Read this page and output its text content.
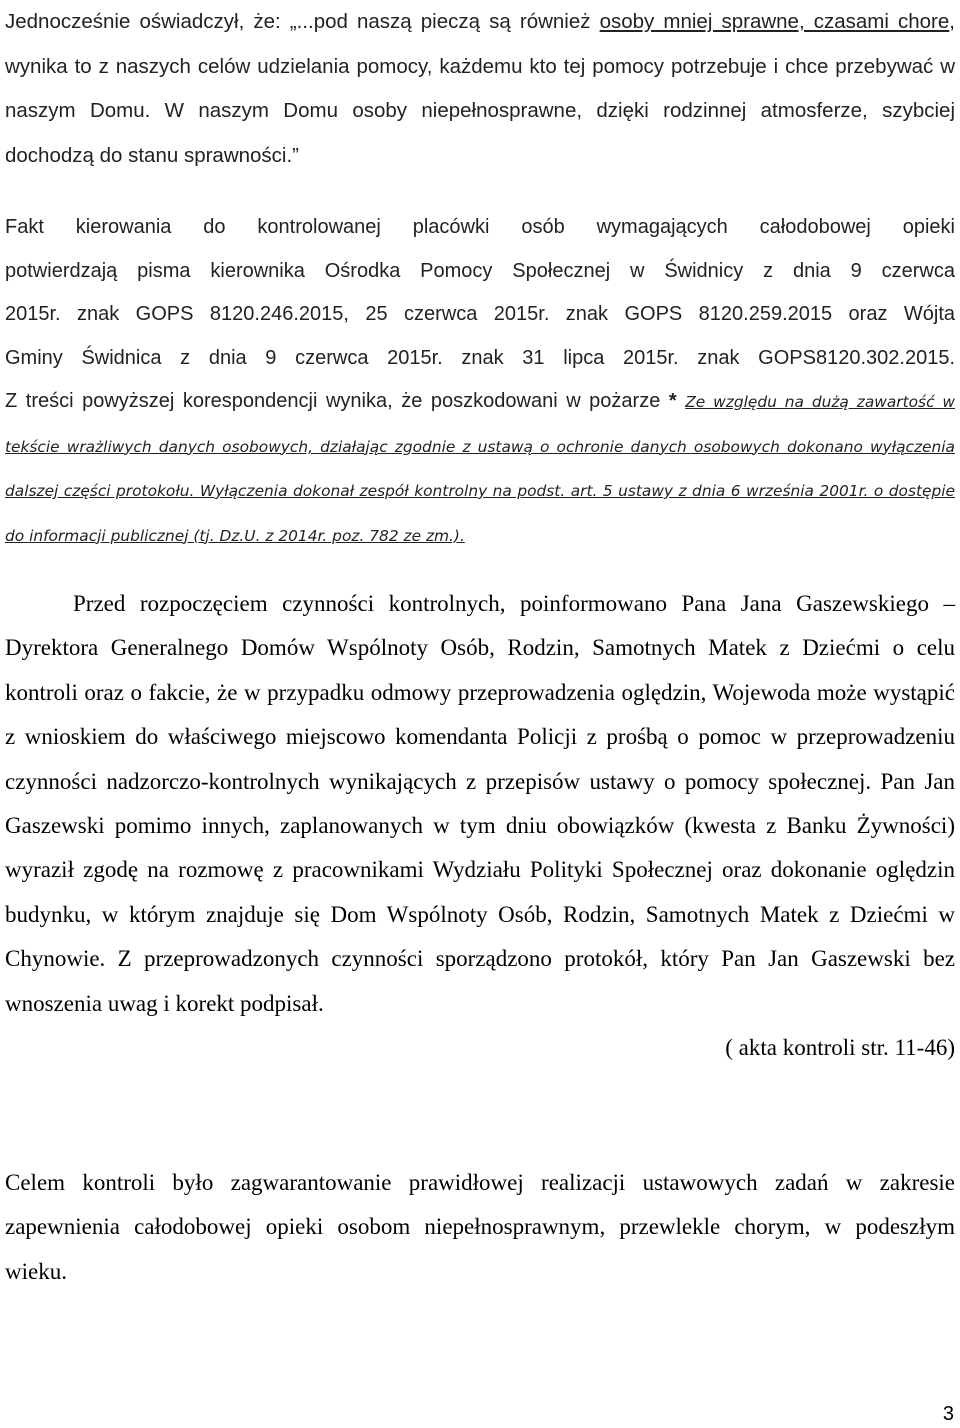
Jednocześnie oświadczył, że: „...pod naszą pieczą są również osoby mniej sprawne, czasami chore, wynika to z naszych celów udzielania pomocy, każdemu kto tej pomocy potrzebuje i chce przebywać w naszym Domu. W naszym Domu osoby niepełnosprawne, dzięki rodzinnej atmosferze, szybciej dochodzą do stanu sprawności.”
Fakt kierowania do kontrolowanej placówki osób wymagających całodobowej opieki
potwierdzają pisma kierownika Ośrodka Pomocy Społecznej w Świdnicy z dnia 9 czerwca
2015r. znak GOPS 8120.246.2015, 25 czerwca 2015r. znak GOPS 8120.259.2015 oraz Wójta
Gminy Świdnica z dnia 9 czerwca 2015r. znak 31 lipca 2015r. znak GOPS8120.302.2015.
Z treści powyższej korespondencji wynika, że poszkodowani w pożarze * Ze względu na dużą zawartość w tekście wrażliwych danych osobowych, działając zgodnie z ustawą o ochronie danych osobowych dokonano wyłączenia dalszej części protokołu. Wyłączenia dokonał zespół kontrolny na podst. art. 5 ustawy z dnia 6 września 2001r. o dostępie do informacji publicznej (tj. Dz.U. z 2014r. poz. 782 ze zm.).
Przed rozpoczęciem czynności kontrolnych, poinformowano Pana Jana Gaszewskiego – Dyrektora Generalnego Domów Wspólnoty Osób, Rodzin, Samotnych Matek z Dziećmi o celu kontroli oraz o fakcie, że w przypadku odmowy przeprowadzenia oględzin, Wojewoda może wystąpić z wnioskiem do właściwego miejscowo komendanta Policji z prośbą o pomoc w przeprowadzeniu czynności nadzorczo-kontrolnych wynikających z przepisów ustawy o pomocy społecznej. Pan Jan Gaszewski pomimo innych, zaplanowanych w tym dniu obowiązków (kwesta z Banku Żywności) wyraził zgodę na rozmowę z pracownikami Wydziału Polityki Społecznej oraz dokonanie oględzin budynku, w którym znajduje się Dom Wspólnoty Osób, Rodzin, Samotnych Matek z Dziećmi w Chynowie. Z przeprowadzonych czynności sporządzono protokół, który Pan Jan Gaszewski bez wnoszenia uwag i korekt podpisał.
( akta kontroli str. 11-46)
Celem kontroli było zagwarantowanie prawidłowej realizacji ustawowych zadań w zakresie zapewnienia całodobowej opieki osobom niepełnosprawnym, przewlekle chorym, w podeszłym wieku.
3
